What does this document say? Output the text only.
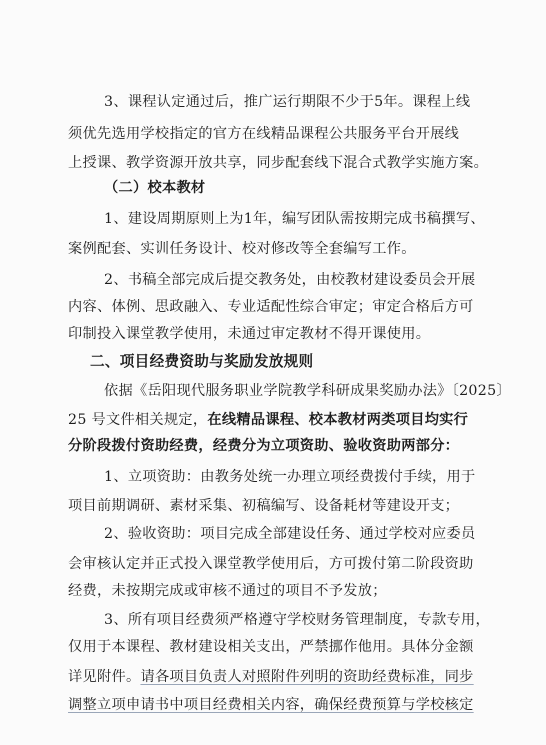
3、课程认定通过后，推广运行期限不少于5年。课程上线
须优先选用学校指定的官方在线精品课程公共服务平台开展线
上授课、教学资源开放共享，同步配套线下混合式教学实施方案。
（二）校本教材
1、建设周期原则上为1年，编写团队需按期完成书稿撰写、
案例配套、实训任务设计、校对修改等全套编写工作。
2、书稿全部完成后提交教务处，由校教材建设委员会开展
内容、体例、思政融入、专业适配性综合审定；审定合格后方可
印制投入课堂教学使用，未通过审定教材不得开课使用。
二、项目经费资助与奖励发放规则
依据《岳阳现代服务职业学院教学科研成果奖励办法》〔2025〕
25 号文件相关规定，在线精品课程、校本教材两类项目均实行
分阶段拨付资助经费，经费分为立项资助、验收资助两部分：
1、立项资助：由教务处统一办理立项经费拨付手续，用于
项目前期调研、素材采集、初稿编写、设备耗材等建设开支；
2、验收资助：项目完成全部建设任务、通过学校对应委员
会审核认定并正式投入课堂教学使用后，方可拨付第二阶段资助
经费，未按期完成或审核不通过的项目不予发放；
3、所有项目经费须严格遵守学校财务管理制度，专款专用，
仅用于本课程、教材建设相关支出，严禁挪作他用。具体分金额
详见附件。请各项目负责人对照附件列明的资助经费标准，同步
调整立项申请书中项目经费相关内容，确保经费预算与学校核定
